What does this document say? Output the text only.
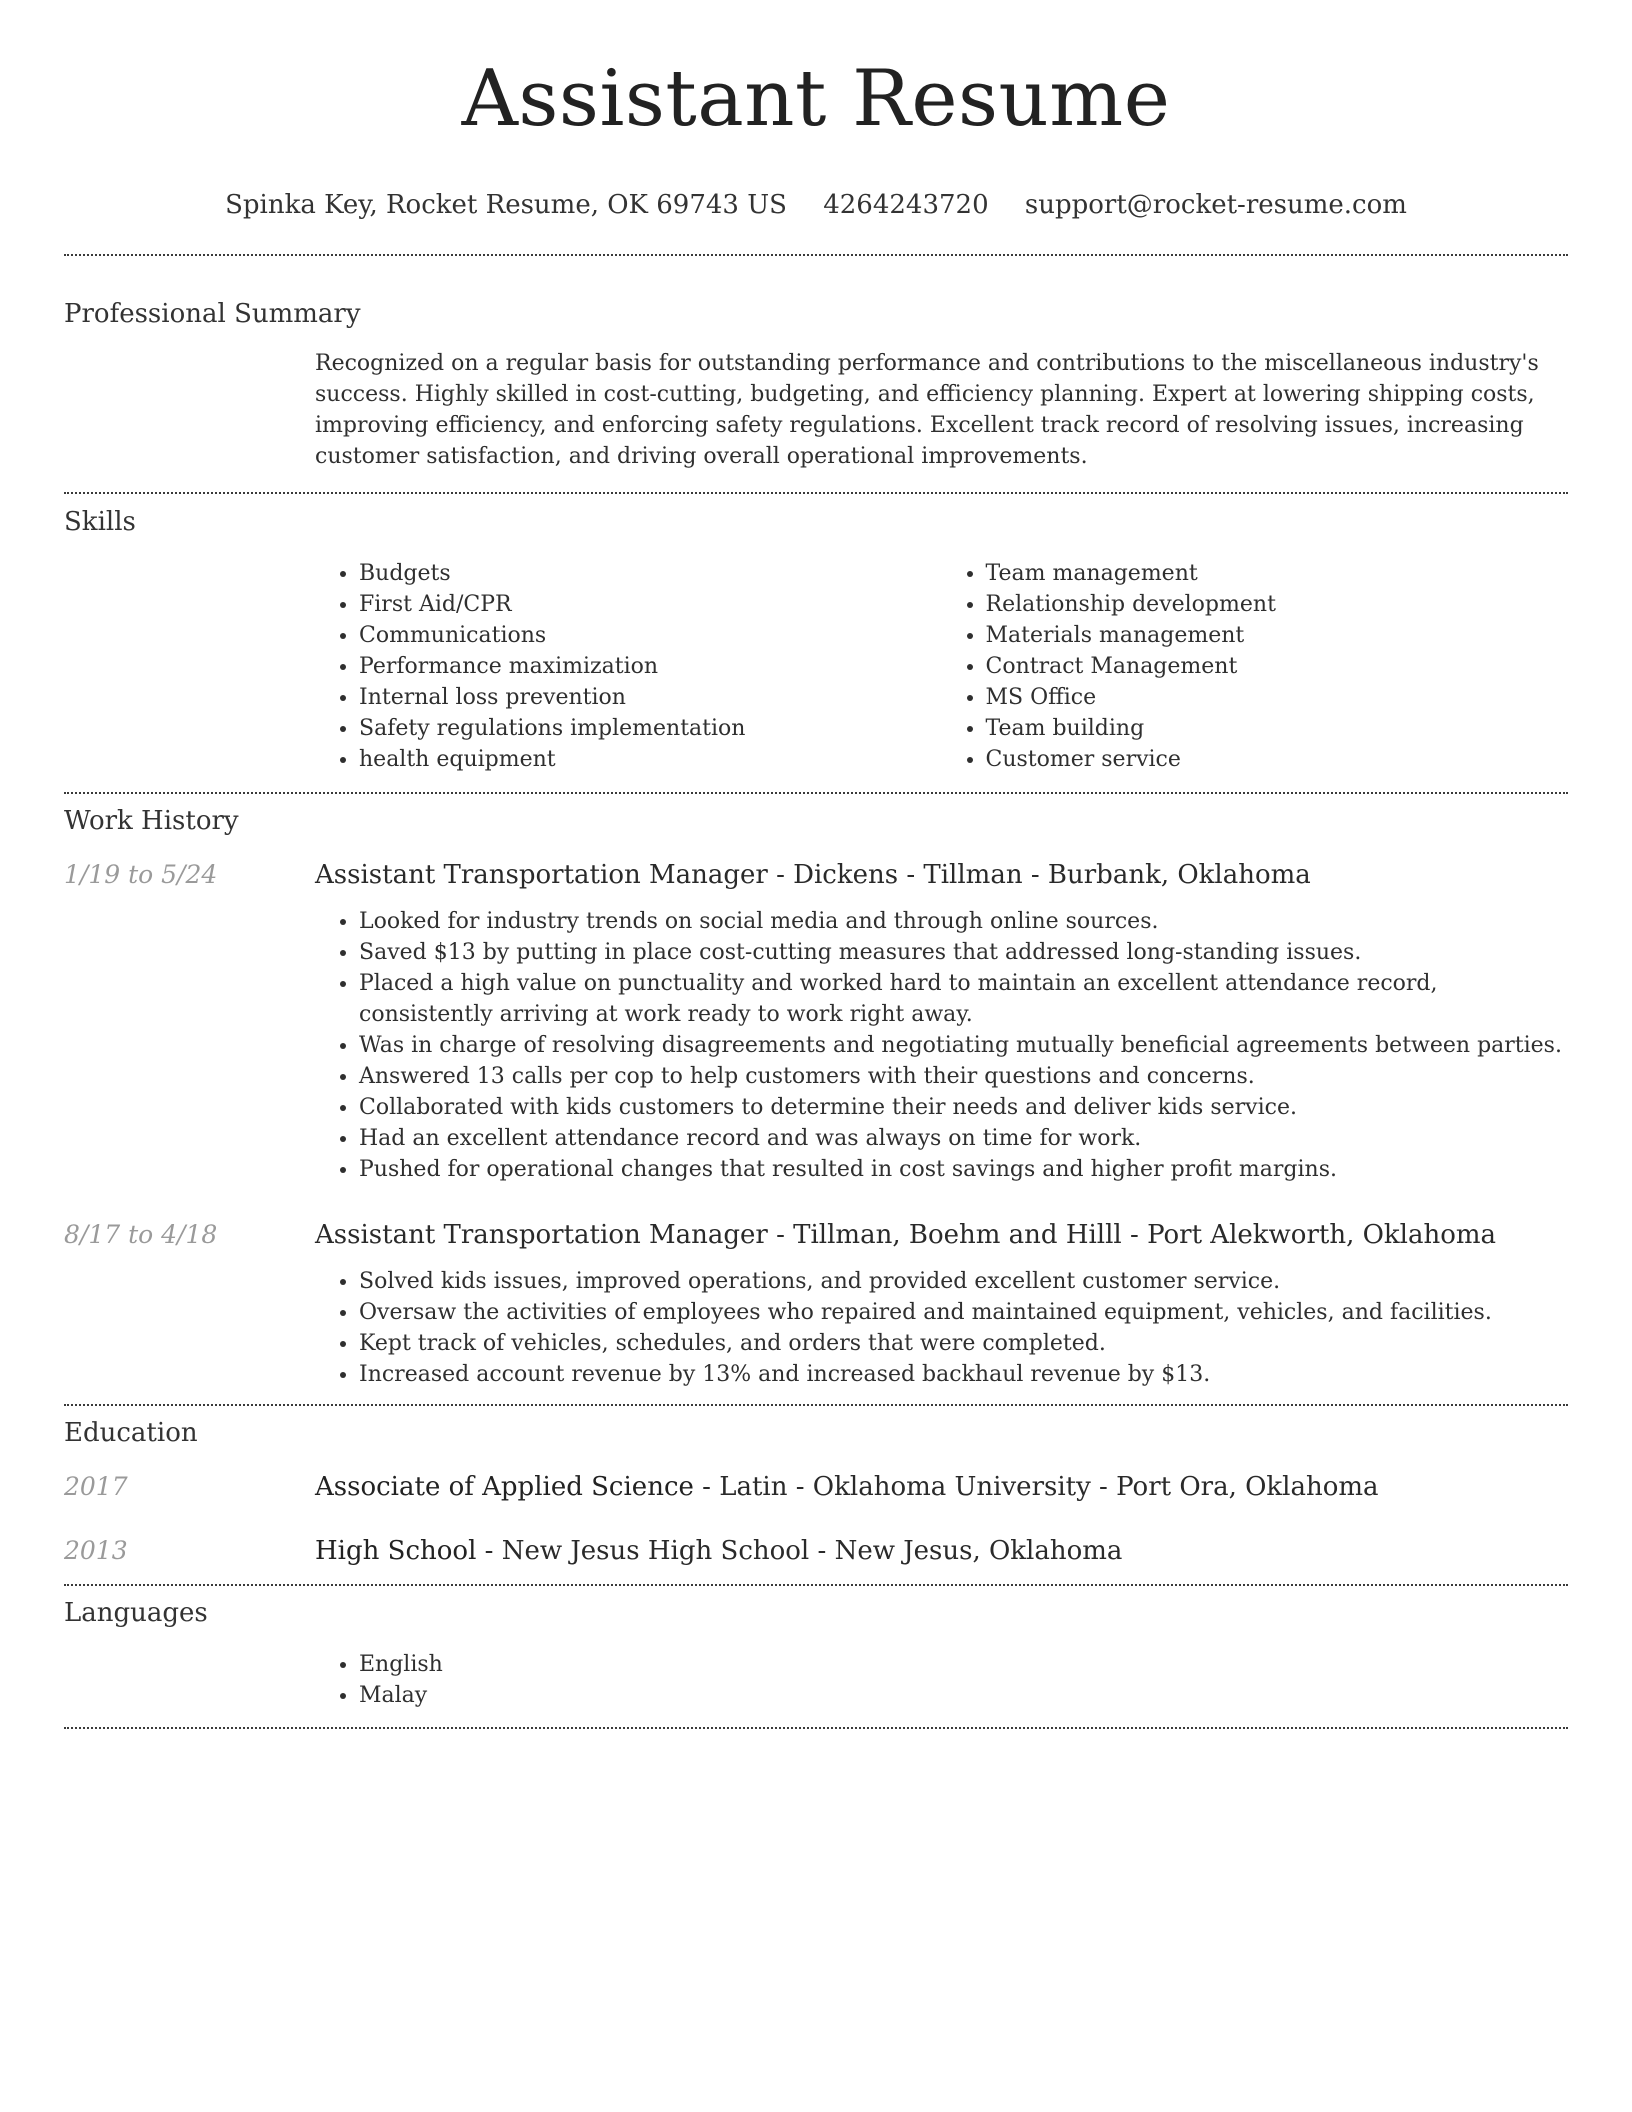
Assistant Resume
Spinka Key, Rocket Resume, OK 69743 US 4264243720 support@rocket-resume.com
Professional Summary
Recognized on a regular basis for outstanding performance and contributions to the miscellaneous industry's success. Highly skilled in cost-cutting, budgeting, and efficiency planning. Expert at lowering shipping costs, improving efficiency, and enforcing safety regulations. Excellent track record of resolving issues, increasing customer satisfaction, and driving overall operational improvements.
Skills
• Budgets
• First Aid/CPR
• Communications
• Performance maximization
• Internal loss prevention
• Safety regulations implementation
• health equipment
• Team management
• Relationship development
• Materials management
• Contract Management
• MS Office
• Team building
• Customer service
Work History
1/19 to 5/24	Assistant Transportation Manager - Dickens - Tillman - Burbank, Oklahoma
• Looked for industry trends on social media and through online sources.
• Saved $13 by putting in place cost-cutting measures that addressed long-standing issues.
• Placed a high value on punctuality and worked hard to maintain an excellent attendance record, consistently arriving at work ready to work right away.
• Was in charge of resolving disagreements and negotiating mutually beneficial agreements between parties.
• Answered 13 calls per cop to help customers with their questions and concerns.
• Collaborated with kids customers to determine their needs and deliver kids service.
• Had an excellent attendance record and was always on time for work.
• Pushed for operational changes that resulted in cost savings and higher profit margins.
8/17 to 4/18	Assistant Transportation Manager - Tillman, Boehm and Hilll - Port Alekworth, Oklahoma
• Solved kids issues, improved operations, and provided excellent customer service.
• Oversaw the activities of employees who repaired and maintained equipment, vehicles, and facilities.
• Kept track of vehicles, schedules, and orders that were completed.
• Increased account revenue by 13% and increased backhaul revenue by $13.
Education
2017	Associate of Applied Science - Latin - Oklahoma University - Port Ora, Oklahoma
2013	High School - New Jesus High School - New Jesus, Oklahoma
Languages
• English
• Malay
